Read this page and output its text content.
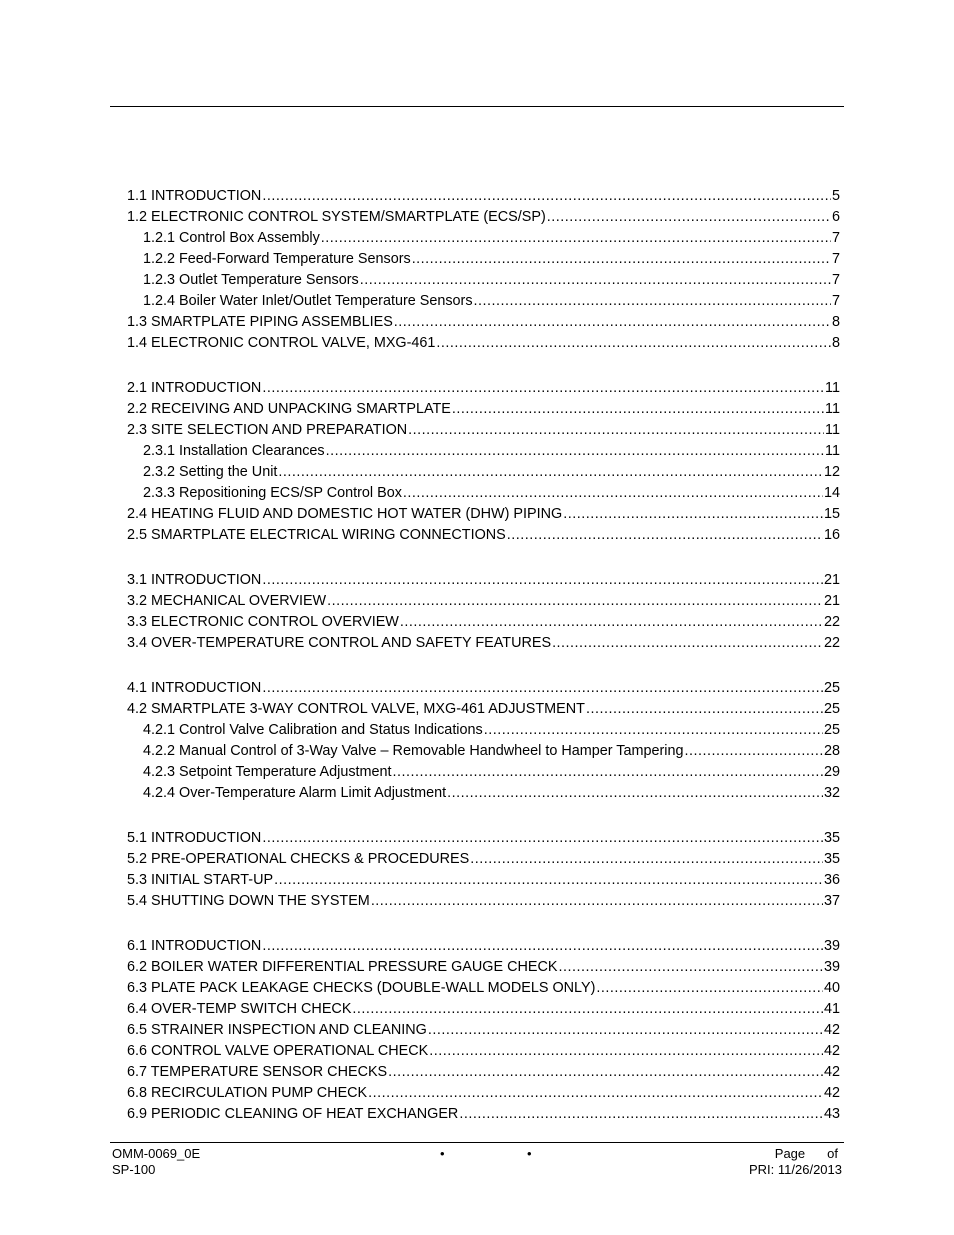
1.1 INTRODUCTION .....	5
1.2 ELECTRONIC CONTROL SYSTEM/SMARTPLATE (ECS/SP) .....	6
1.2.1 Control Box Assembly .....	7
1.2.2 Feed-Forward Temperature Sensors .....	7
1.2.3 Outlet Temperature Sensors .....	7
1.2.4 Boiler Water Inlet/Outlet Temperature Sensors .....	7
1.3 SMARTPLATE PIPING ASSEMBLIES .....	8
1.4 ELECTRONIC CONTROL VALVE, MXG-461 .....	8
2.1 INTRODUCTION .....	11
2.2 RECEIVING AND UNPACKING SMARTPLATE .....	11
2.3 SITE SELECTION AND PREPARATION .....	11
2.3.1 Installation Clearances .....	11
2.3.2 Setting the Unit .....	12
2.3.3 Repositioning ECS/SP Control Box .....	14
2.4 HEATING FLUID AND DOMESTIC HOT WATER (DHW) PIPING .....	15
2.5 SMARTPLATE ELECTRICAL WIRING CONNECTIONS .....	16
3.1 INTRODUCTION .....	21
3.2 MECHANICAL OVERVIEW .....	21
3.3 ELECTRONIC CONTROL OVERVIEW .....	22
3.4 OVER-TEMPERATURE CONTROL AND SAFETY FEATURES .....	22
4.1 INTRODUCTION .....	25
4.2 SMARTPLATE 3-WAY CONTROL VALVE, MXG-461 ADJUSTMENT .....	25
4.2.1 Control Valve Calibration and Status Indications .....	25
4.2.2 Manual Control of 3-Way Valve – Removable Handwheel to Hamper Tampering .....	28
4.2.3 Setpoint Temperature Adjustment .....	29
4.2.4 Over-Temperature Alarm Limit Adjustment .....	32
5.1 INTRODUCTION .....	35
5.2 PRE-OPERATIONAL CHECKS & PROCEDURES .....	35
5.3 INITIAL START-UP .....	36
5.4 SHUTTING DOWN THE SYSTEM .....	37
6.1 INTRODUCTION .....	39
6.2 BOILER WATER DIFFERENTIAL PRESSURE GAUGE CHECK .....	39
6.3 PLATE PACK LEAKAGE CHECKS (DOUBLE-WALL MODELS ONLY) .....	40
6.4 OVER-TEMP SWITCH CHECK .....	41
6.5 STRAINER INSPECTION AND CLEANING .....	42
6.6 CONTROL VALVE OPERATIONAL CHECK .....	42
6.7 TEMPERATURE SENSOR CHECKS .....	42
6.8 RECIRCULATION PUMP CHECK .....	42
6.9 PERIODIC CLEANING OF HEAT EXCHANGER .....	43
OMM-0069_0E
SP-100
•	•	Page of
PRI: 11/26/2013
